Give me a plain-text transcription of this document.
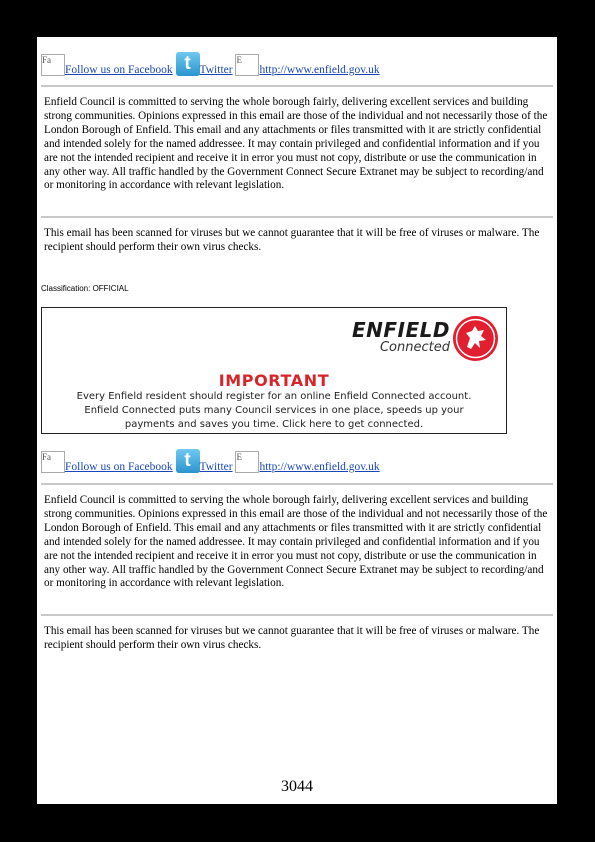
FaFollow us on Facebook t Twitter Ehttp://www.enfield.gov.uk
Enfield Council is committed to serving the whole borough fairly, delivering excellent services and building strong communities. Opinions expressed in this email are those of the individual and not necessarily those of the London Borough of Enfield. This email and any attachments or files transmitted with it are strictly confidential and intended solely for the named addressee. It may contain privileged and confidential information and if you are not the intended recipient and receive it in error you must not copy, distribute or use the communication in any other way. All traffic handled by the Government Connect Secure Extranet may be subject to recording/and or monitoring in accordance with relevant legislation.
This email has been scanned for viruses but we cannot guarantee that it will be free of viruses or malware. The recipient should perform their own virus checks.
Classification: OFFICIAL
ENFIELD
Connected
IMPORTANT
Every Enfield resident should register for an online Enfield Connected account.
Enfield Connected puts many Council services in one place, speeds up your
payments and saves you time. Click here to get connected.
FaFollow us on Facebook t Twitter Ehttp://www.enfield.gov.uk
Enfield Council is committed to serving the whole borough fairly, delivering excellent services and building strong communities. Opinions expressed in this email are those of the individual and not necessarily those of the London Borough of Enfield. This email and any attachments or files transmitted with it are strictly confidential and intended solely for the named addressee. It may contain privileged and confidential information and if you are not the intended recipient and receive it in error you must not copy, distribute or use the communication in any other way. All traffic handled by the Government Connect Secure Extranet may be subject to recording/and or monitoring in accordance with relevant legislation.
This email has been scanned for viruses but we cannot guarantee that it will be free of viruses or malware. The recipient should perform their own virus checks.
3044
